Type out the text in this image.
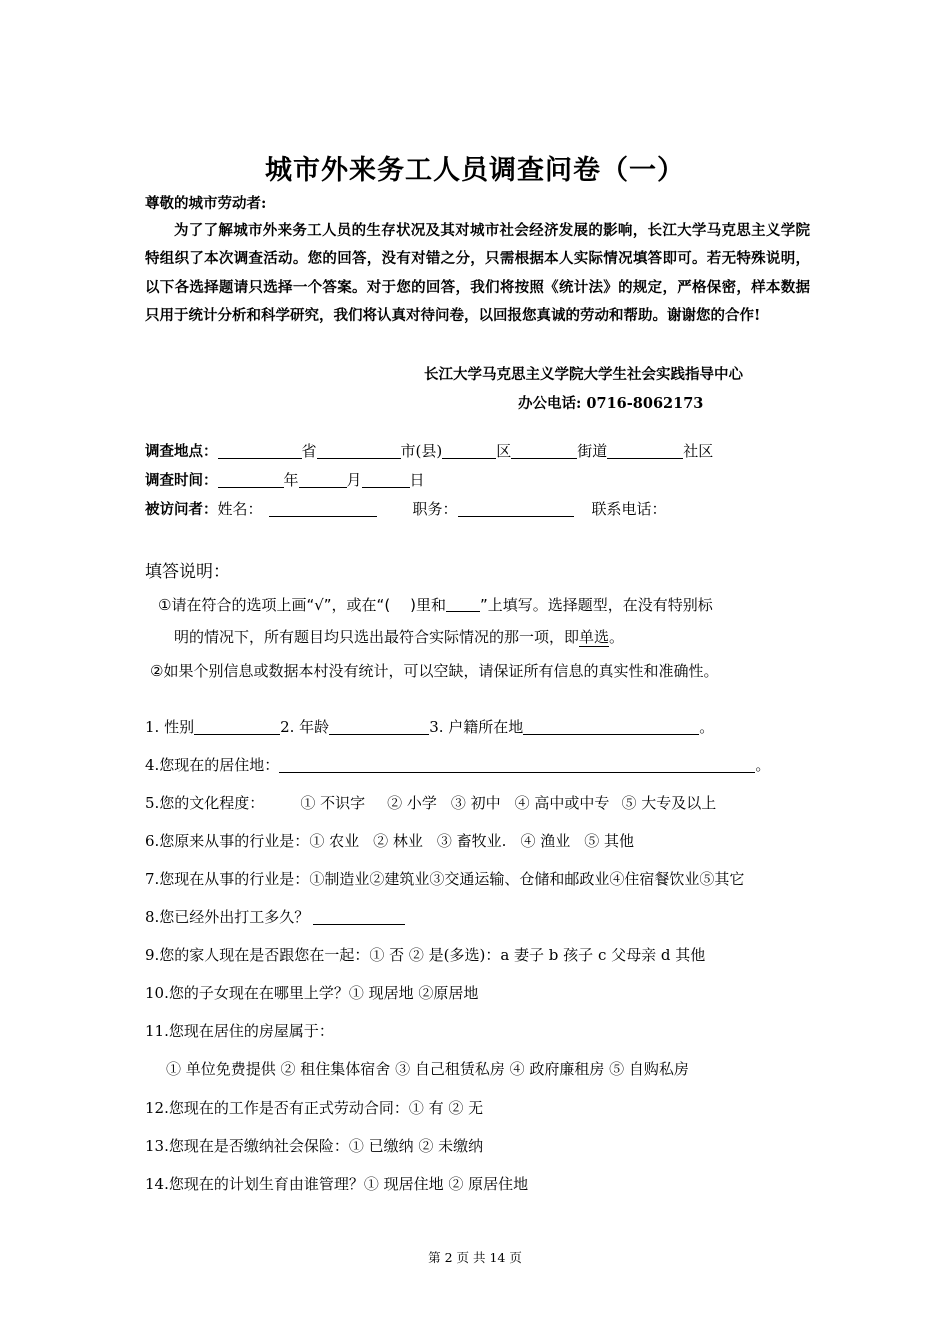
城市外来务工人员调查问卷（一）
尊敬的城市劳动者:
为了了解城市外来务工人员的生存状况及其对城市社会经济发展的影响，长江大学马克思主义学院特组织了本次调查活动。您的回答，没有对错之分，只需根据本人实际情况填答即可。若无特殊说明，以下各选择题请只选择一个答案。对于您的回答，我们将按照《统计法》的规定，严格保密，样本数据只用于统计分析和科学研究，我们将认真对待问卷，以回报您真诚的劳动和帮助。谢谢您的合作!
长江大学马克思主义学院大学生社会实践指导中心
办公电话: 0716-8062173
调查地点：	省	市(县)	区	街道	社区
调查时间：	年	月	日
被访问者：姓名：	职务：	联系电话：
填答说明：
①请在符合的选项上画“√”，或在“( )里和 ”上填写。选择题型，在没有特别标
明的情况下，所有题目均只选出最符合实际情况的那一项，即单选。
②如果个别信息或数据本村没有统计，可以空缺，请保证所有信息的真实性和准确性。
1. 性别	2. 年龄	3. 户籍所在地	。
4.您现在的居住地：	。
5.您的文化程度： ① 不识字 ② 小学 ③ 初中 ④ 高中或中专 ⑤ 大专及以上
6.您原来从事的行业是：① 农业 ② 林业 ③ 畜牧业. ④ 渔业 ⑤ 其他
7.您现在从事的行业是：①制造业②建筑业③交通运输、仓储和邮政业④住宿餐饮业⑤其它
8.您已经外出打工多久？
9.您的家人现在是否跟您在一起：① 否 ② 是(多选)：a 妻子 b 孩子 c 父母亲 d 其他
10.您的子女现在在哪里上学？① 现居地 ②原居地
11.您现在居住的房屋属于：
① 单位免费提供 ② 租住集体宿舍 ③ 自己租赁私房 ④ 政府廉租房 ⑤ 自购私房
12.您现在的工作是否有正式劳动合同：① 有 ② 无
13.您现在是否缴纳社会保险：① 已缴纳 ② 未缴纳
14.您现在的计划生育由谁管理？① 现居住地 ② 原居住地
第 2 页 共 14 页
